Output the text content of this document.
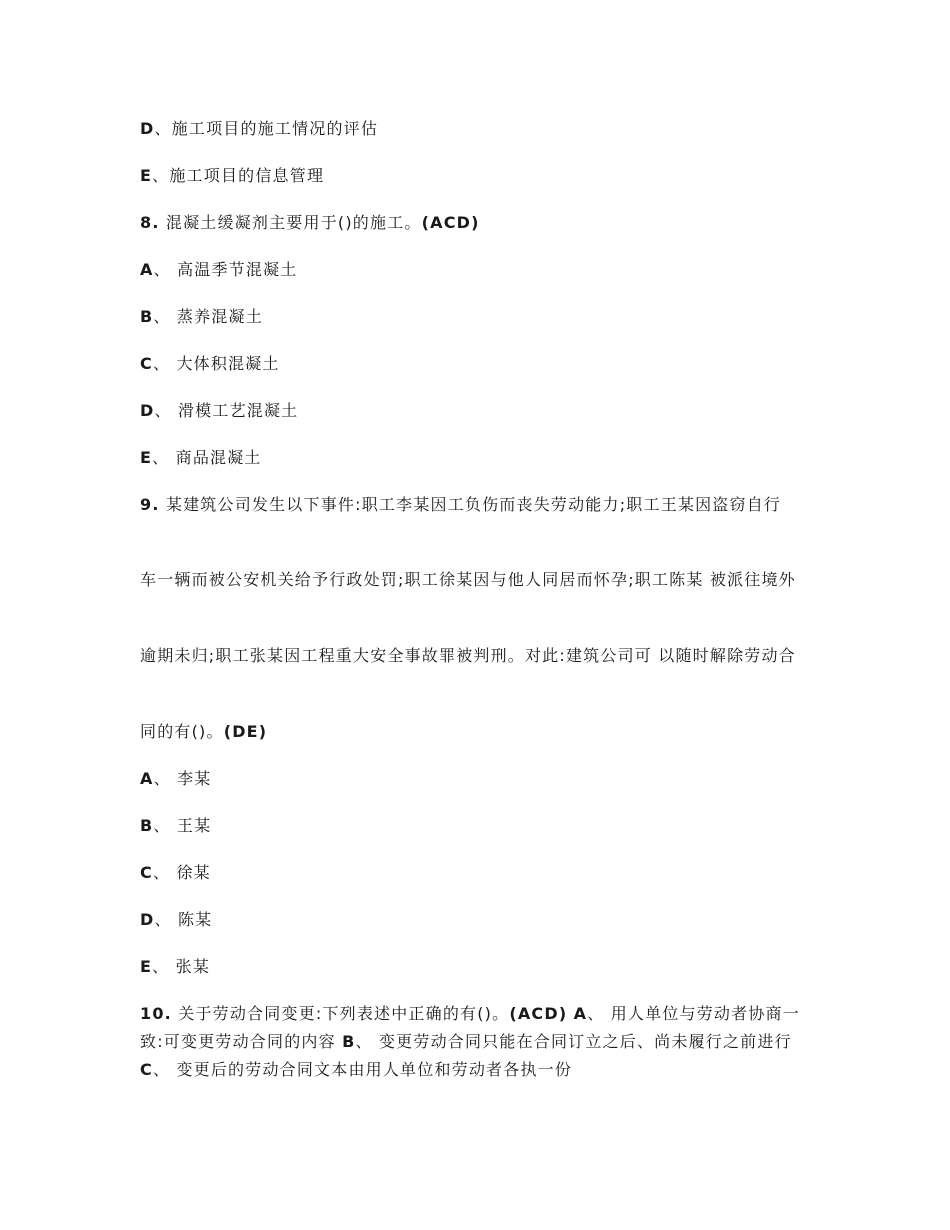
D、施工项目的施工情况的评估
E、施工项目的信息管理
8. 混凝土缓凝剂主要用于()的施工。(ACD)
A、 高温季节混凝土
B、 蒸养混凝土
C、 大体积混凝土
D、 滑模工艺混凝土
E、 商品混凝土
9. 某建筑公司发生以下事件:职工李某因工负伤而丧失劳动能力;职工王某因盗窃自行
车一辆而被公安机关给予行政处罚;职工徐某因与他人同居而怀孕;职工陈某 被派往境外
逾期未归;职工张某因工程重大安全事故罪被判刑。对此:建筑公司可 以随时解除劳动合
同的有()。(DE)
A、 李某
B、 王某
C、 徐某
D、 陈某
E、 张某
10. 关于劳动合同变更:下列表述中正确的有()。(ACD) A、 用人单位与劳动者协商一致:可变更劳动合同的内容 B、 变更劳动合同只能在合同订立之后、尚未履行之前进行 C、 变更后的劳动合同文本由用人单位和劳动者各执一份
